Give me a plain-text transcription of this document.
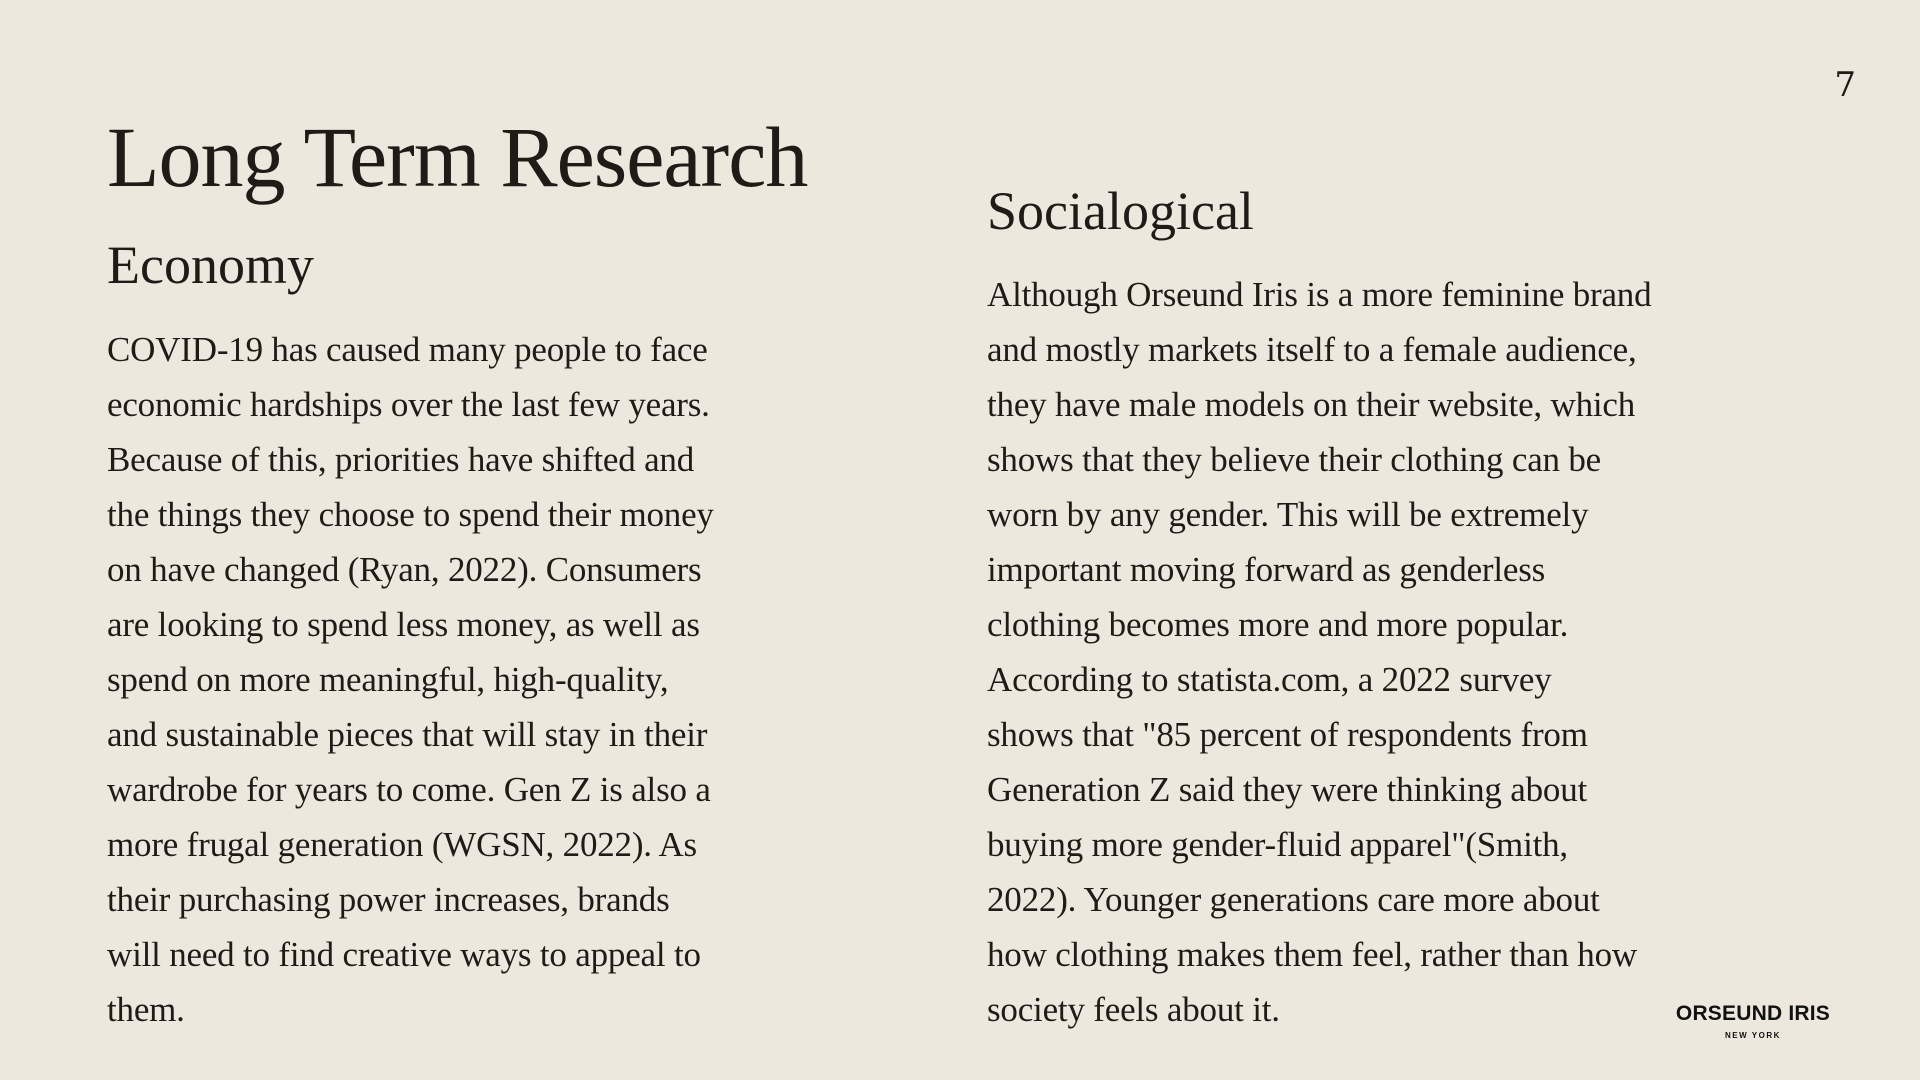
7
Long Term Research
Economy

COVID-19 has caused many people to face
economic hardships over the last few years.
Because of this, priorities have shifted and
the things they choose to spend their money
on have changed (Ryan, 2022). Consumers
are looking to spend less money, as well as
spend on more meaningful, high-quality,
and sustainable pieces that will stay in their
wardrobe for years to come. Gen Z is also a
more frugal generation (WGSN, 2022). As
their purchasing power increases, brands
will need to find creative ways to appeal to
them.

Socialogical

Although Orseund Iris is a more feminine brand
and mostly markets itself to a female audience,
they have male models on their website, which
shows that they believe their clothing can be
worn by any gender. This will be extremely
important moving forward as genderless
clothing becomes more and more popular.
According to statista.com, a 2022 survey
shows that "85 percent of respondents from
Generation Z said they were thinking about
buying more gender-fluid apparel"(Smith,
2022). Younger generations care more about
how clothing makes them feel, rather than how
society feels about it.	ORSEUND IRIS
NEW YORK
